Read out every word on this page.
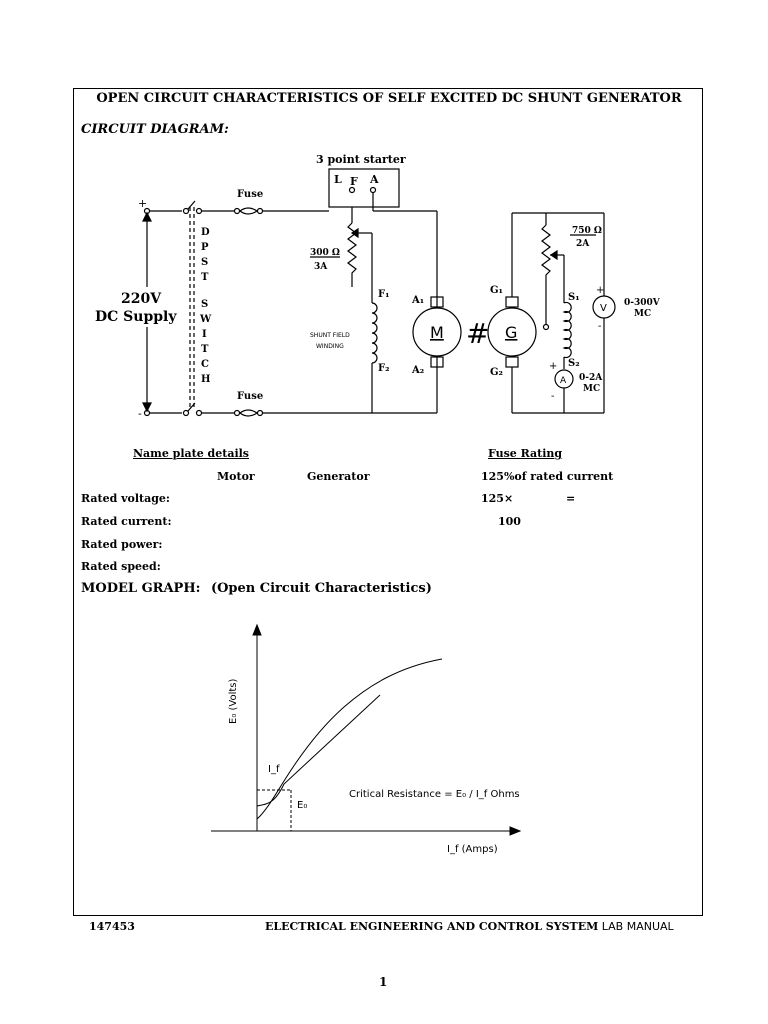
OPEN CIRCUIT CHARACTERISTICS OF SELF EXCITED DC SHUNT GENERATOR
CIRCUIT DIAGRAM:
3 point starter
L F A
+
-
220V
DC Supply
D
P
S
T
S
W
I
T
C
H
Fuse
Fuse
300 Ω
3A
F₁
F₂
SHUNT FIELD
WINDING
M
A₁
A₂
# G
G₁
G₂
750 Ω
2A
S₁
S₂
A
+
-
0-2A
MC
V
+
-
0-300V
MC
Name plate details
Motor	Generator
Rated voltage:
Rated current:
Rated power:
Rated speed:
Fuse Rating
125%of rated current
125×	=
100
MODEL GRAPH: (Open Circuit Characteristics)
E₀ (Volts)
Critical Resistance = E₀ / I_f Ohms
I_f
E₀
I_f (Amps)
147453	ELECTRICAL ENGINEERING AND CONTROL SYSTEM LAB MANUAL
1
